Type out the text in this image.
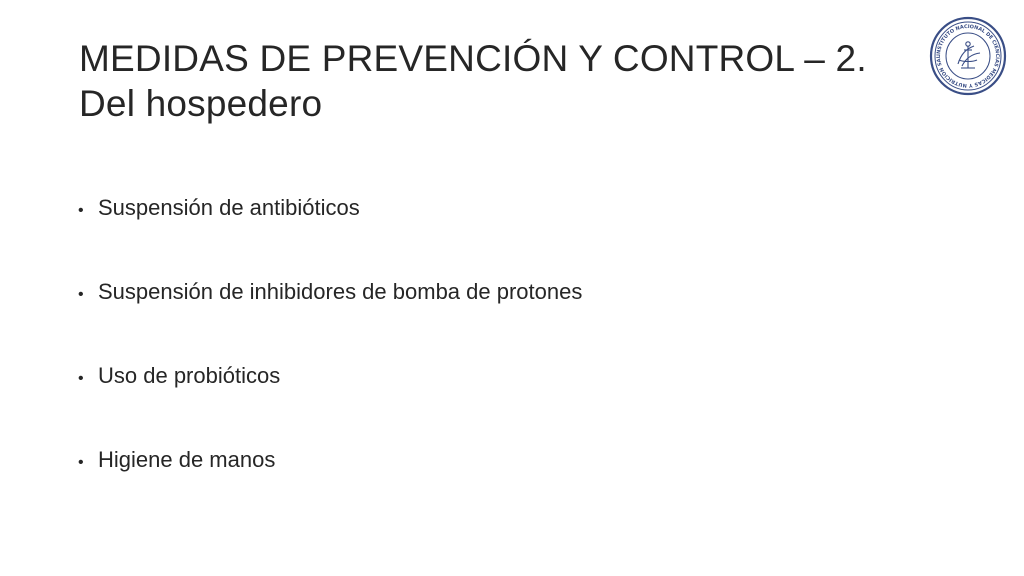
MEDIDAS DE PREVENCIÓN Y CONTROL – 2.
Del hospedero
INSTITUTO NACIONAL DE CIENCIAS MEDICAS Y NUTRICION SAL
• Suspensión de antibióticos
• Suspensión de inhibidores de bomba de protones
• Uso de probióticos
• Higiene de manos
